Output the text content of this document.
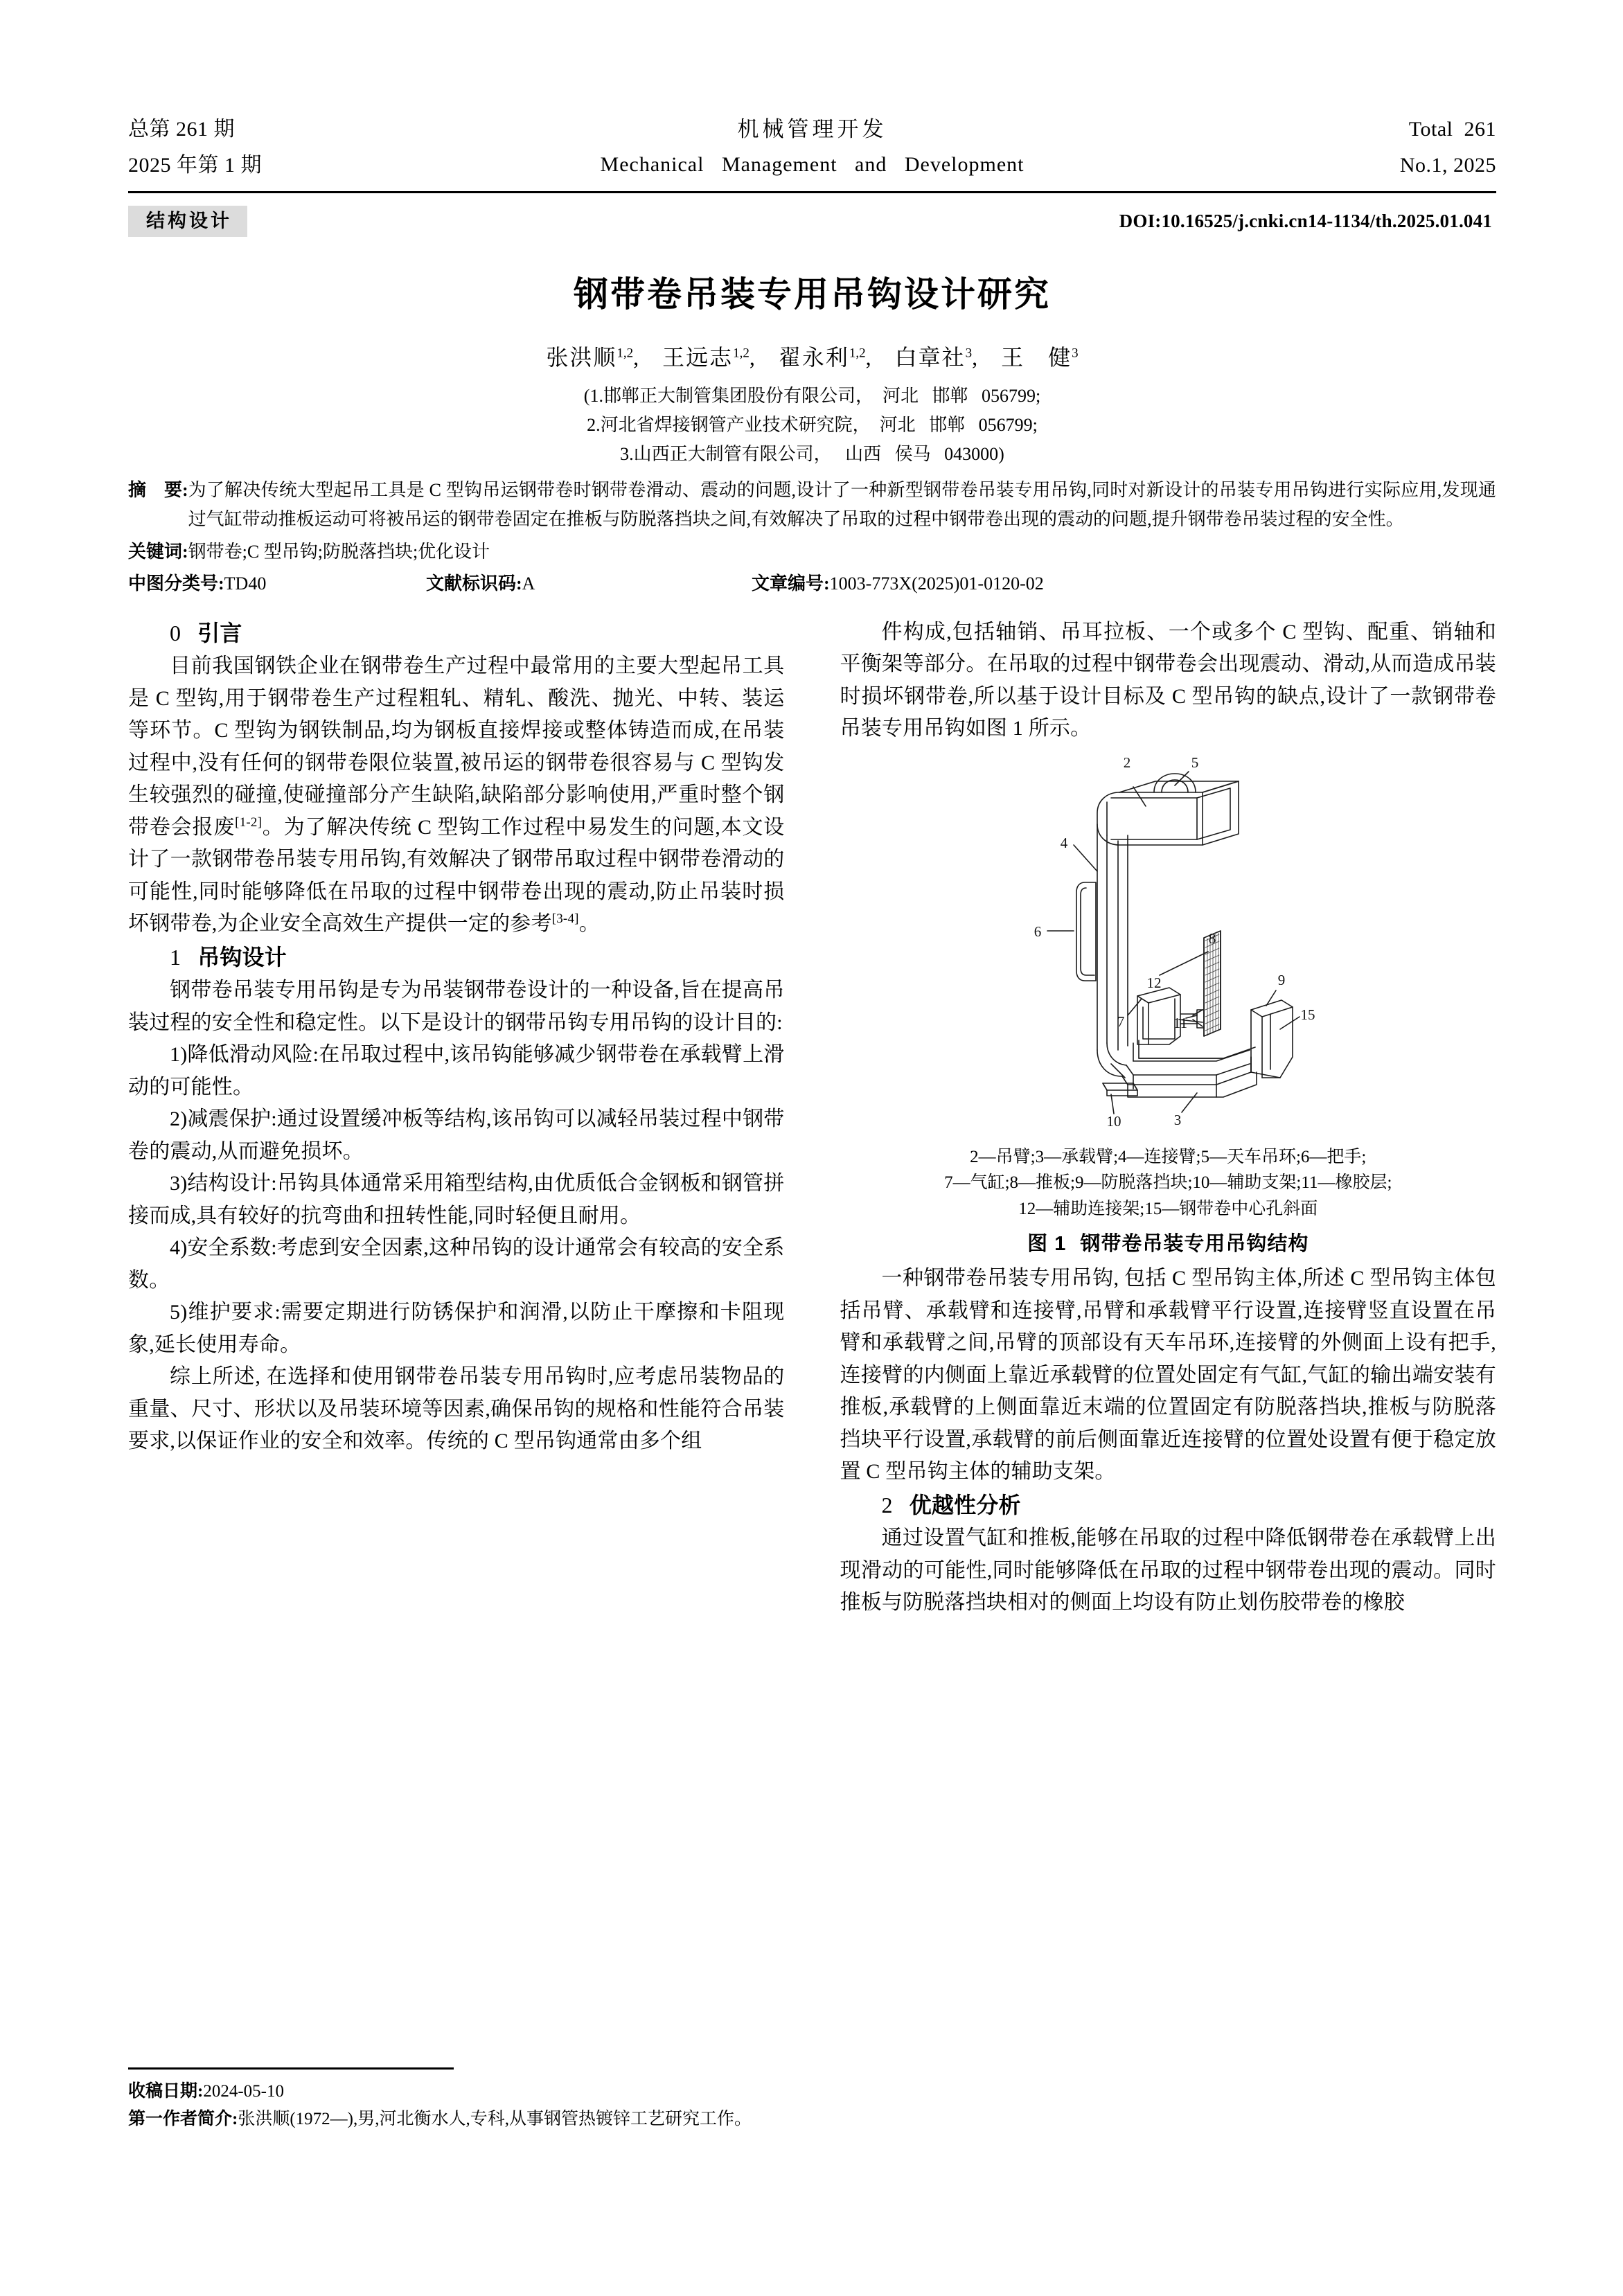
总第 261 期
2025 年第 1 期
机械管理开发
Mechanical   Management   and   Development
Total  261
No.1, 2025
结构设计	DOI:10.16525/j.cnki.cn14-1134/th.2025.01.041
钢带卷吊装专用吊钩设计研究
张洪顺$^{1,2}$, 王远志$^{1,2}$, 翟永利$^{1,2}$, 白章社$^3$, 王　健$^3$
(1.邯郸正大制管集团股份有限公司，  河北   邯郸   056799;
2.河北省焊接钢管产业技术研究院，  河北   邯郸   056799;
3.山西正大制管有限公司，   山西   侯马   043000)
摘　要: 为了解决传统大型起吊工具是 C 型钩吊运钢带卷时钢带卷滑动、震动的问题,设计了一种新型钢带卷吊装专用吊钩,同时对新设计的吊装专用吊钩进行实际应用,发现通过气缸带动推板运动可将被吊运的钢带卷固定在推板与防脱落挡块之间,有效解决了吊取的过程中钢带卷出现的震动的问题,提升钢带卷吊装过程的安全性。
关键词:钢带卷;C 型吊钩;防脱落挡块;优化设计
中图分类号:TD40	文献标识码:A	文章编号:1003-773X(2025)01-0120-02

0 引言

目前我国钢铁企业在钢带卷生产过程中最常用的主要大型起吊工具是 C 型钩,用于钢带卷生产过程粗轧、精轧、酸洗、抛光、中转、装运等环节。C 型钩为钢铁制品,均为钢板直接焊接或整体铸造而成,在吊装过程中,没有任何的钢带卷限位装置,被吊运的钢带卷很容易与 C 型钩发生较强烈的碰撞,使碰撞部分产生缺陷,缺陷部分影响使用,严重时整个钢带卷会报废[1-2]。为了解决传统 C 型钩工作过程中易发生的问题,本文设计了一款钢带卷吊装专用吊钩,有效解决了钢带吊取过程中钢带卷滑动的可能性,同时能够降低在吊取的过程中钢带卷出现的震动,防止吊装时损坏钢带卷,为企业安全高效生产提供一定的参考[3-4]。

1 吊钩设计

钢带卷吊装专用吊钩是专为吊装钢带卷设计的一种设备,旨在提高吊装过程的安全性和稳定性。以下是设计的钢带吊钩专用吊钩的设计目的:

1)降低滑动风险:在吊取过程中,该吊钩能够减少钢带卷在承载臂上滑动的可能性。

2)减震保护:通过设置缓冲板等结构,该吊钩可以减轻吊装过程中钢带卷的震动,从而避免损坏。

3)结构设计:吊钩具体通常采用箱型结构,由优质低合金钢板和钢管拼接而成,具有较好的抗弯曲和扭转性能,同时轻便且耐用。

4)安全系数:考虑到安全因素,这种吊钩的设计通常会有较高的安全系数。

5)维护要求:需要定期进行防锈保护和润滑,以防止干摩擦和卡阻现象,延长使用寿命。

综上所述, 在选择和使用钢带卷吊装专用吊钩时,应考虑吊装物品的重量、尺寸、形状以及吊装环境等因素,确保吊钩的规格和性能符合吊装要求,以保证作业的安全和效率。传统的 C 型吊钩通常由多个组

件构成,包括轴销、吊耳拉板、一个或多个 C 型钩、配重、销轴和平衡架等部分。在吊取的过程中钢带卷会出现震动、滑动,从而造成吊装时损坏钢带卷,所以基于设计目标及 C 型吊钩的缺点,设计了一款钢带卷吊装专用吊钩如图 1 所示。

2	5
4
6
7
12
8
11
9
15
10	3
2—吊臂;3—承载臂;4—连接臂;5—天车吊环;6—把手;
7—气缸;8—推板;9—防脱落挡块;10—辅助支架;11—橡胶层;
12—辅助连接架;15—钢带卷中心孔斜面
图 1 钢带卷吊装专用吊钩结构

一种钢带卷吊装专用吊钩, 包括 C 型吊钩主体,所述 C 型吊钩主体包括吊臂、承载臂和连接臂,吊臂和承载臂平行设置,连接臂竖直设置在吊臂和承载臂之间,吊臂的顶部设有天车吊环,连接臂的外侧面上设有把手,连接臂的内侧面上靠近承载臂的位置处固定有气缸,气缸的输出端安装有推板,承载臂的上侧面靠近末端的位置固定有防脱落挡块,推板与防脱落挡块平行设置,承载臂的前后侧面靠近连接臂的位置处设置有便于稳定放置 C 型吊钩主体的辅助支架。

2 优越性分析

通过设置气缸和推板,能够在吊取的过程中降低钢带卷在承载臂上出现滑动的可能性,同时能够降低在吊取的过程中钢带卷出现的震动。同时推板与防脱落挡块相对的侧面上均设有防止划伤胶带卷的橡胶

收稿日期:2024-05-10
第一作者简介:张洪顺(1972—),男,河北衡水人,专科,从事钢管热镀锌工艺研究工作。
